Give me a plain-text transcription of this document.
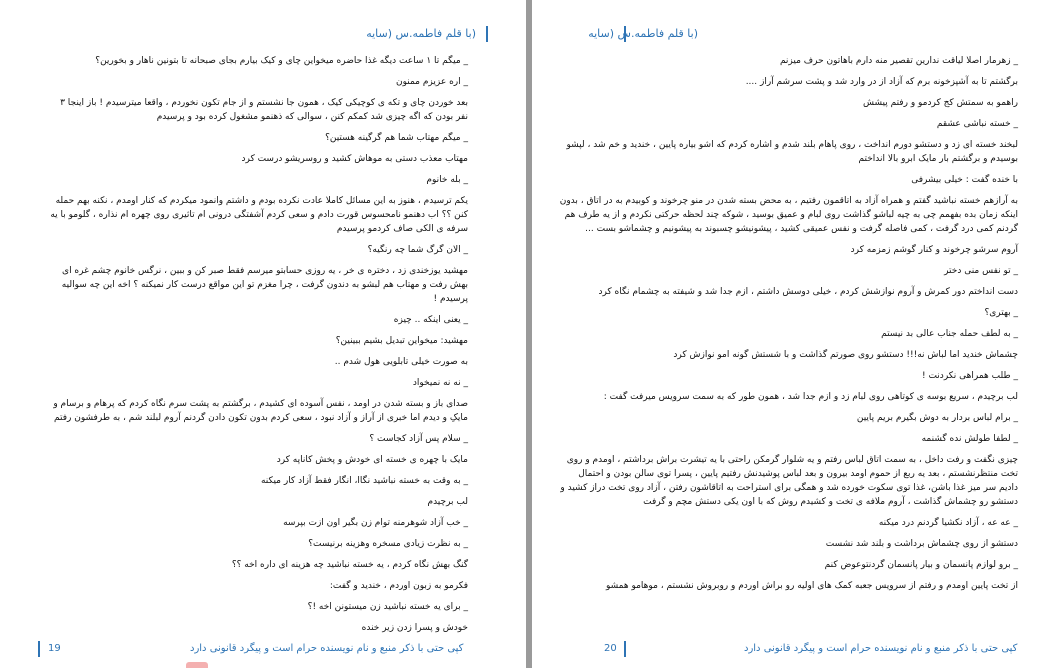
(با قلم فاطمه.س (سایه

_ میگم تا ۱ ساعت دیگه غذا حاضره میخواین چای و کیک بیارم بجای صبحانه تا بتونین ناهار و بخورین؟

_ اره عزیزم ممنون

بعد خوردن چای و تکه ی کوچیکی کیک ، همون جا نشستم و از جام تکون نخوردم ، واقعا میترسیدم ! باز اینجا ۳ نفر بودن که اگه چیزی شد کمکم کنن ، سوالی که ذهنمو مشغول کرده بود و پرسیدم

_ میگم مهتاب شما هم گرگینه هستین؟

مهتاب معذب دستی به موهاش کشید و روسریشو درست کرد

_ بله خانوم

یکم ترسیدم ، هنوز به این مسائل کاملا عادت نکرده بودم و داشتم وانمود میکردم که کنار اومدم ، نکنه بهم حمله کنن ؟؟ اب دهنمو نامحسوس قورت دادم و سعی کردم آشفتگی درونی ام تاثیری روی چهره ام نذاره ، گلومو با یه سرفه ی الکی صاف کردمو پرسیدم

_ الان گرگ شما چه رنگیه؟

مهشید یوزخندی زد ، دختره ی خر ، یه روزی حسابتو میرسم فقط صبر کن و ببین ، نرگس خانوم چشم غره ای بهش رفت و مهتاب هم لبشو به دندون گرفت ، چرا مغزم تو این مواقع درست کار نمیکنه ؟ اخه این چه سوالیه پرسیدم !

_ یعنی اینکه .. چیزه

مهشید: میخواین تبدیل بشیم ببینین؟

به صورت خیلی تابلویی هول شدم ..

_ نه نه نمیخواد

صدای باز و بسته شدن در اومد ، نفس آسوده ای کشیدم ، برگشتم به پشت سرم نگاه کردم که پرهام و برسام و مایکِ و دیدم اما خبری از آراز و آزاد نبود ، سعی کردم بدون تکون دادن گردنم آروم لبلند شم ، به طرفشون رفتم

_ سلام پس آزاد کجاست ؟

مایک با چهره ی خسته ای خودش و پخش کاناپه کرد

_ به وقت به خسته نباشید نگاا، انگار فقط آزاد کار میکنه

لب برچیدم

_ خب آزاد شوهرمنه توام زن بگیر اون ازت بپرسه

_ به نظرت زیادی مسخره وهزینه برنیست؟

گنگ بهش نگاه کردم ، یه خسته نباشید چه هزینه ای داره اخه ؟؟

فکرمو به زبون اوردم ، خندید و گفت:

_ برای یه خسته نباشید زن میستونن اخه !؟

خودش و پسرا زدن زیر خنده

19	کپی حتی با ذکر منبع و نام نویسنده حرام است و پیگرد قانونی دارد
(با قلم فاطمه.س (سایه

_ زهرمار اصلا لیاقت ندارین تقصیر منه دارم باهاتون حرف میزنم

برگشتم تا به آشپزخونه برم که آزاد از در وارد شد و پشت سرشم آراز ....

راهمو به سمتش کج کردمو و رفتم پیشش

_ خسته نباشی عشقم

لبخند خسته ای زد و دستشو دورم انداخت ، روی پاهام بلند شدم و اشاره کردم که اشو بیاره پایین ، خندید و خم شد ، لپشو بوسیدم و برگشتم بار مایک ابرو بالا انداختم

با خنده گفت : خیلی بیشرفی

به آرازهم خسته نباشید گفتم و همراه آزاد به اتاقمون رفتیم ، به محض بسته شدن در منو چرخوند و کوبیدم به در اتاق ، بدون اینکه زمان بده بفهمم چی به چیه لباشو گذاشت روی لبام و عمیق بوسید ، شوکه چند لحظه حرکتی نکردم و از یه طرف هم گردنم کمی درد گرفت ، کمی فاصله گرفت و نفس عمیقی کشید ، پیشونیشو چسبوند به پیشونیم و چشماشو بست ...

آروم سرشو چرخوند و کنار گوشم زمزمه کرد

_ تو نفس منی دختر

دست انداختم دور کمرش و آروم نوازشش کردم ، خیلی دوسش داشتم ، ازم جدا شد و شیفته به چشمام نگاه کرد

_ بهتری؟

_ به لطف حمله جناب عالی بد نیستم

چشماش خندید اما لباش نه!!! دستشو روی صورتم گذاشت و با شستش گونه امو نوازش کرد

_ طلب همراهی نکردنت !

لب برچیدم ، سریع بوسه ی کوتاهی روی لبام زد و ازم جدا شد ، همون طور که به سمت سرویس میرفت گفت :

_ برام لباس بردار به دوش بگیرم بریم پایین

_ لطفا طولش نده گشنمه

چیزی نگفت و رفت داخل ، به سمت اتاق لباس رفتم و یه شلوار گرمکن راحتی با یه تیشرت براش برداشتم ، اومدم و روی تخت منتظرنشستم ، بعد یه ربع از حموم اومد بیرون و بعد لباس پوشیدنش رفتیم پایین ، پسرا توی سالن بودن و احتمال دادیم سر میز غذا باشن، غذا توی سکوت خورده شد و همگی برای استراحت به اتاقاشون رفتن ، آزاد روی تخت دراز کشید و دستشو رو چشماش گذاشت ، آروم ملافه ی تخت و کشیدم روش که با اون یکی دستش مچم و گرفت

_ عه عه ، آزاد نکشیا گردنم درد میکنه

دستشو از روی چشماش برداشت و بلند شد نشست

_ برو لوازم پانسمان و بیار پانسمان گردنتوعوض کنم

از تخت پایین اومدم و رفتم از سرویس جعبه کمک های اولیه رو براش اوردم و روبروش نشستم ، موهامو همشو

20	کپی حتی با ذکر منبع و نام نویسنده حرام است و پیگرد قانونی دارد
